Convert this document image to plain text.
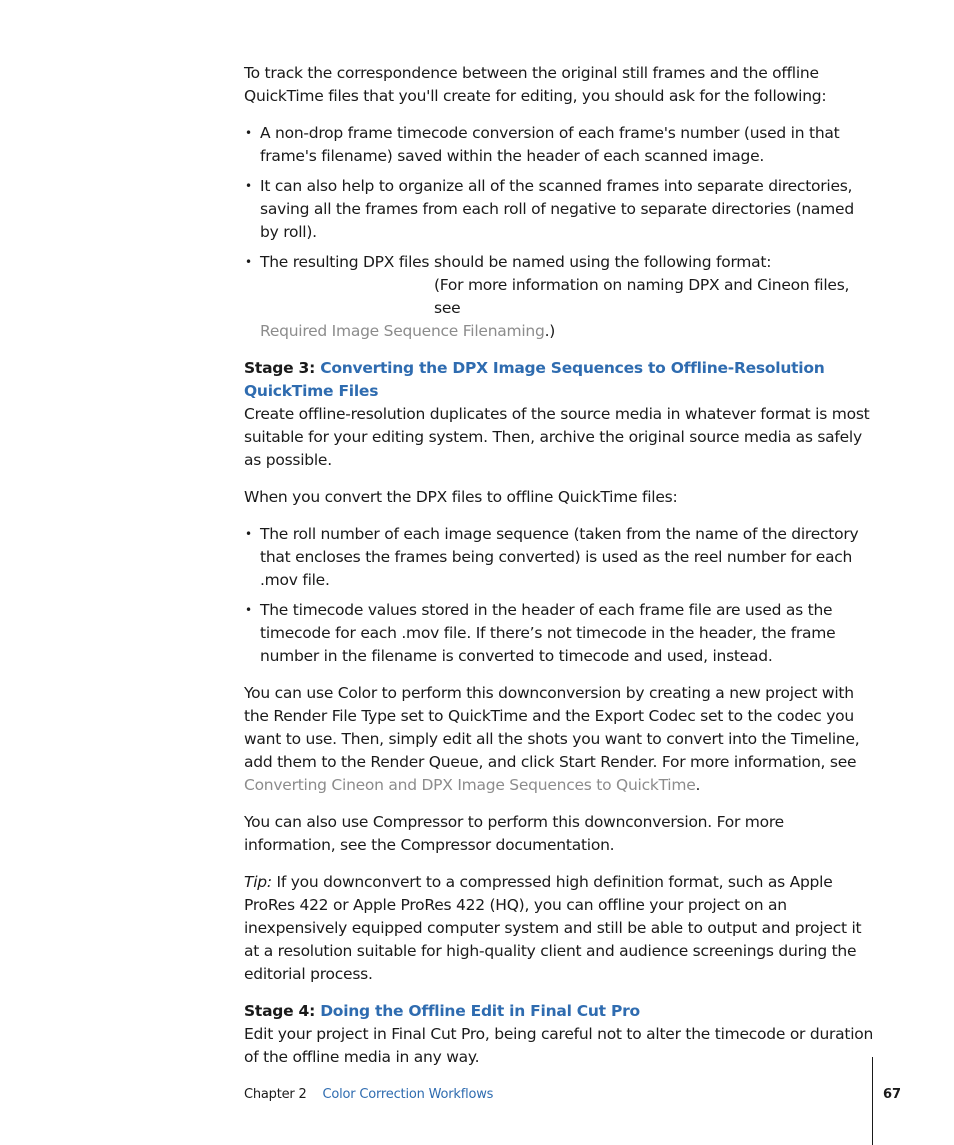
To track the correspondence between the original still frames and the offline QuickTime files that you'll create for editing, you should ask for the following:

• A non-drop frame timecode conversion of each frame's number (used in that frame's filename) saved within the header of each scanned image.
• It can also help to organize all of the scanned frames into separate directories, saving all the frames from each roll of negative to separate directories (named by roll).
• The resulting DPX files should be named using the following format:
(For more information on naming DPX and Cineon files, see
Required Image Sequence Filenaming.)

Stage 3: Converting the DPX Image Sequences to Offline-Resolution QuickTime Files

Create offline-resolution duplicates of the source media in whatever format is most suitable for your editing system. Then, archive the original source media as safely as possible.

When you convert the DPX files to offline QuickTime files:

• The roll number of each image sequence (taken from the name of the directory that encloses the frames being converted) is used as the reel number for each .mov file.
• The timecode values stored in the header of each frame file are used as the timecode for each .mov file. If there’s not timecode in the header, the frame number in the filename is converted to timecode and used, instead.

You can use Color to perform this downconversion by creating a new project with the Render File Type set to QuickTime and the Export Codec set to the codec you want to use. Then, simply edit all the shots you want to convert into the Timeline, add them to the Render Queue, and click Start Render. For more information, see Converting Cineon and DPX Image Sequences to QuickTime.

You can also use Compressor to perform this downconversion. For more information, see the Compressor documentation.

Tip: If you downconvert to a compressed high definition format, such as Apple ProRes 422 or Apple ProRes 422 (HQ), you can offline your project on an inexpensively equipped computer system and still be able to output and project it at a resolution suitable for high-quality client and audience screenings during the editorial process.

Stage 4: Doing the Offline Edit in Final Cut Pro

Edit your project in Final Cut Pro, being careful not to alter the timecode or duration of the offline media in any way.

Chapter 2 Color Correction Workflows	67
